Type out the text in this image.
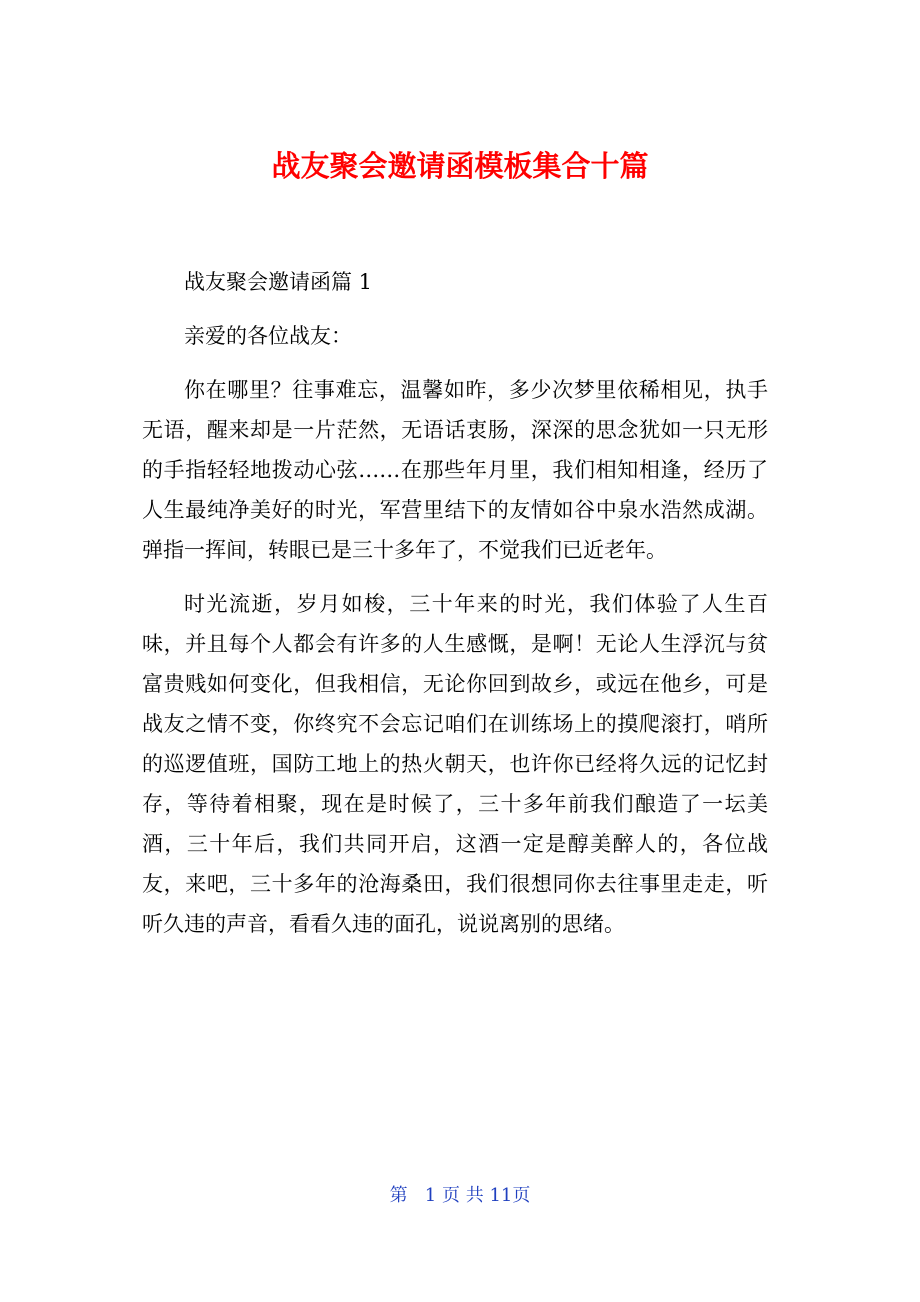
战友聚会邀请函模板集合十篇

战友聚会邀请函篇 1

亲爱的各位战友：

你在哪里？往事难忘，温馨如昨，多少次梦里依稀相见，执手无语，醒来却是一片茫然，无语话衷肠，深深的思念犹如一只无形的手指轻轻地拨动心弦……在那些年月里，我们相知相逢，经历了人生最纯净美好的时光，军营里结下的友情如谷中泉水浩然成湖。弹指一挥间，转眼已是三十多年了，不觉我们已近老年。

时光流逝，岁月如梭，三十年来的时光，我们体验了人生百味，并且每个人都会有许多的人生感慨，是啊！无论人生浮沉与贫富贵贱如何变化，但我相信，无论你回到故乡，或远在他乡，可是战友之情不变，你终究不会忘记咱们在训练场上的摸爬滚打，哨所的巡逻值班，国防工地上的热火朝天，也许你已经将久远的记忆封存，等待着相聚，现在是时候了，三十多年前我们酿造了一坛美酒，三十年后，我们共同开启，这酒一定是醇美醉人的，各位战友，来吧，三十多年的沧海桑田，我们很想同你去往事里走走，听听久违的声音，看看久违的面孔，说说离别的思绪。

第 1 页 共 11页
